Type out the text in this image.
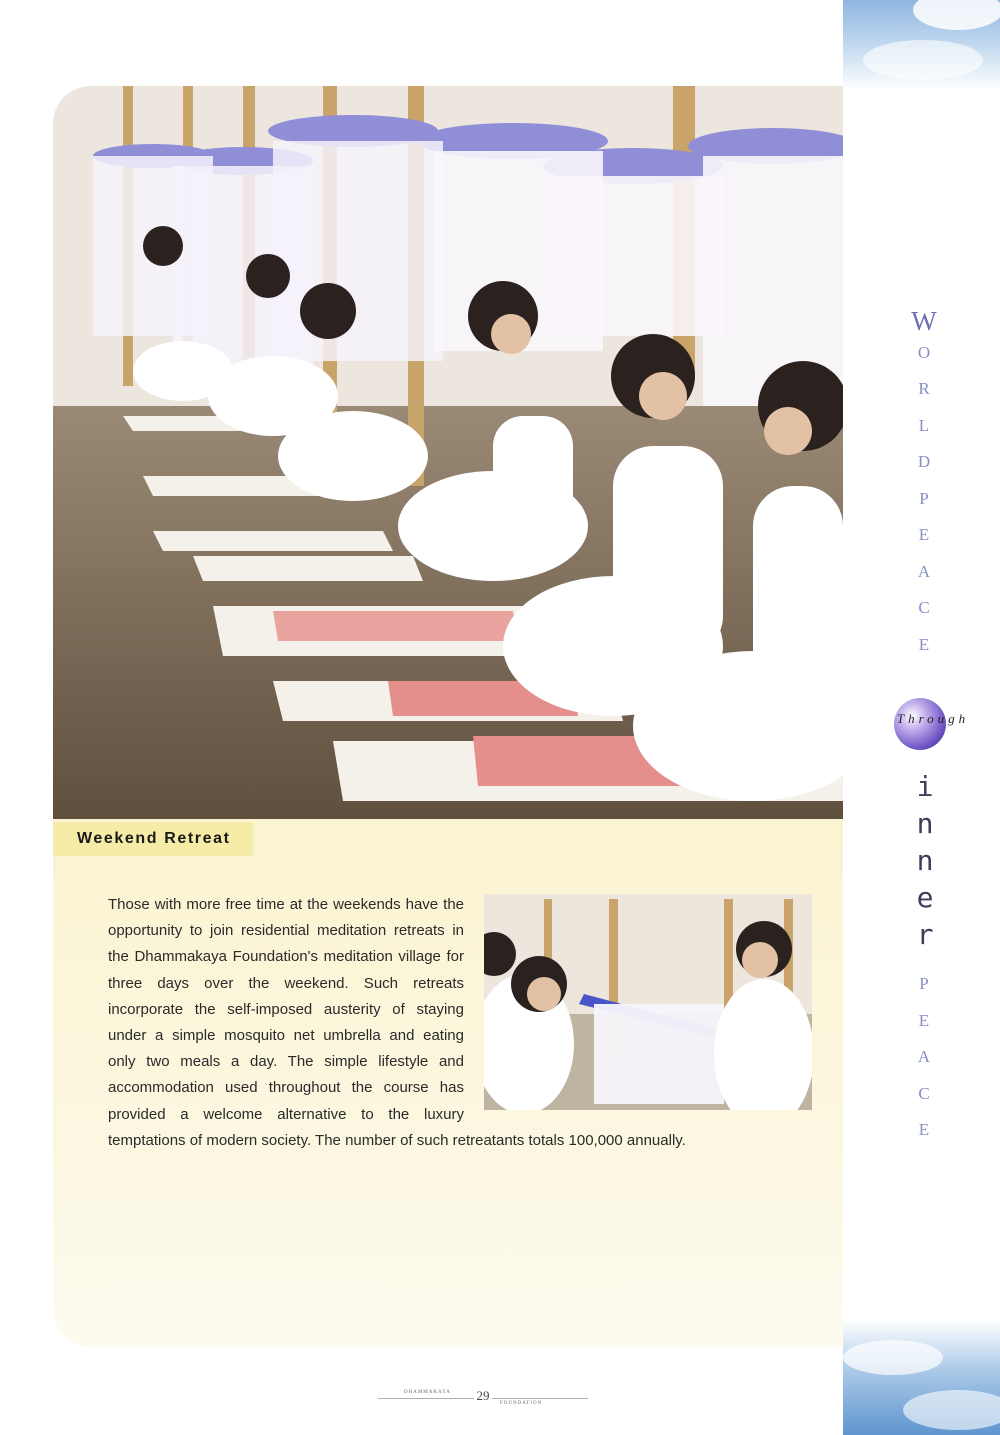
Weekend Retreat

Those with more free time at the weekends have the opportunity to join residential meditation retreats in the Dhammakaya Foundation's meditation village for three days over the weekend. Such retreats incorporate the self-imposed austerity of staying under a simple mosquito net umbrella and eating only two meals a day. The simple lifestyle and accommodation used throughout the course has provided a welcome alternative to the luxury temptations of modern society. The number of such retreatants totals 100,000 annually.

W
O
R
L
D
P
E
A
C
E
Through
i
n
n
e
r
P
E
A
C
E
DHAMMAKAYA 29
FOUNDATION
